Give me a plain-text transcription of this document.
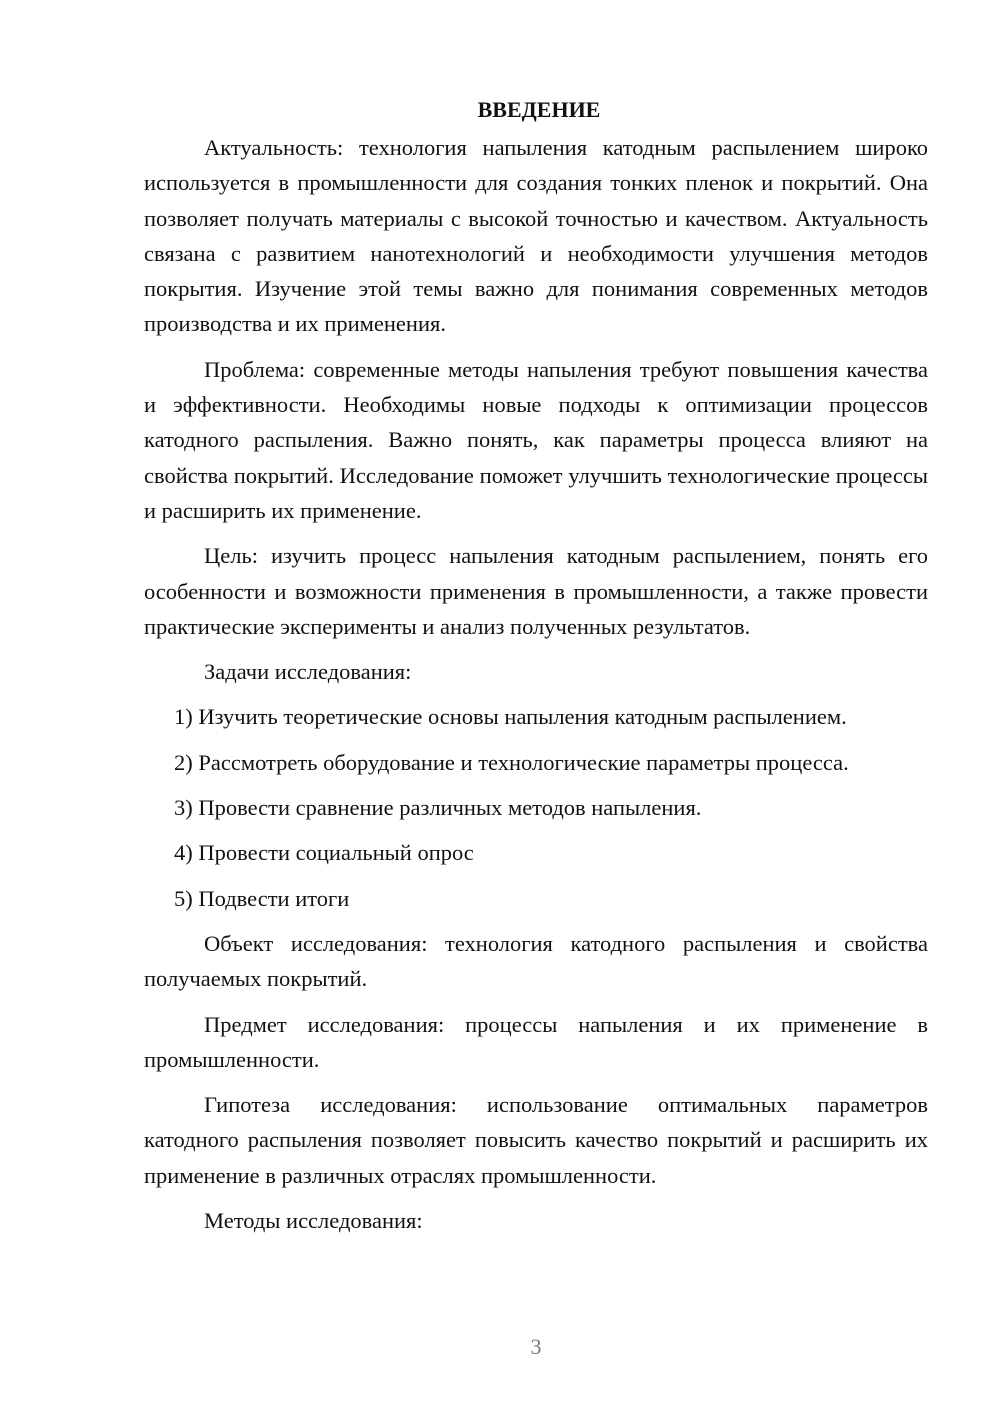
ВВЕДЕНИЕ

Актуальность: технология напыления катодным распылением широко используется в промышленности для создания тонких пленок и покрытий. Она позволяет получать материалы с высокой точностью и качеством. Актуальность связана с развитием нанотехнологий и необходимости улучшения методов покрытия. Изучение этой темы важно для понимания современных методов производства и их применения.

Проблема: современные методы напыления требуют повышения качества и эффективности. Необходимы новые подходы к оптимизации процессов катодного распыления. Важно понять, как параметры процесса влияют на свойства покрытий. Исследование поможет улучшить технологические процессы и расширить их применение.

Цель: изучить процесс напыления катодным распылением, понять его особенности и возможности применения в промышленности, а также провести практические эксперименты и анализ полученных результатов.

Задачи исследования:

1) Изучить теоретические основы напыления катодным распылением.
2) Рассмотреть оборудование и технологические параметры процесса.
3) Провести сравнение различных методов напыления.
4) Провести социальный опрос
5) Подвести итоги

Объект исследования: технология катодного распыления и свойства получаемых покрытий.

Предмет исследования: процессы напыления и их применение в промышленности.

Гипотеза исследования: использование оптимальных параметров катодного распыления позволяет повысить качество покрытий и расширить их применение в различных отраслях промышленности.

Методы исследования:

3
